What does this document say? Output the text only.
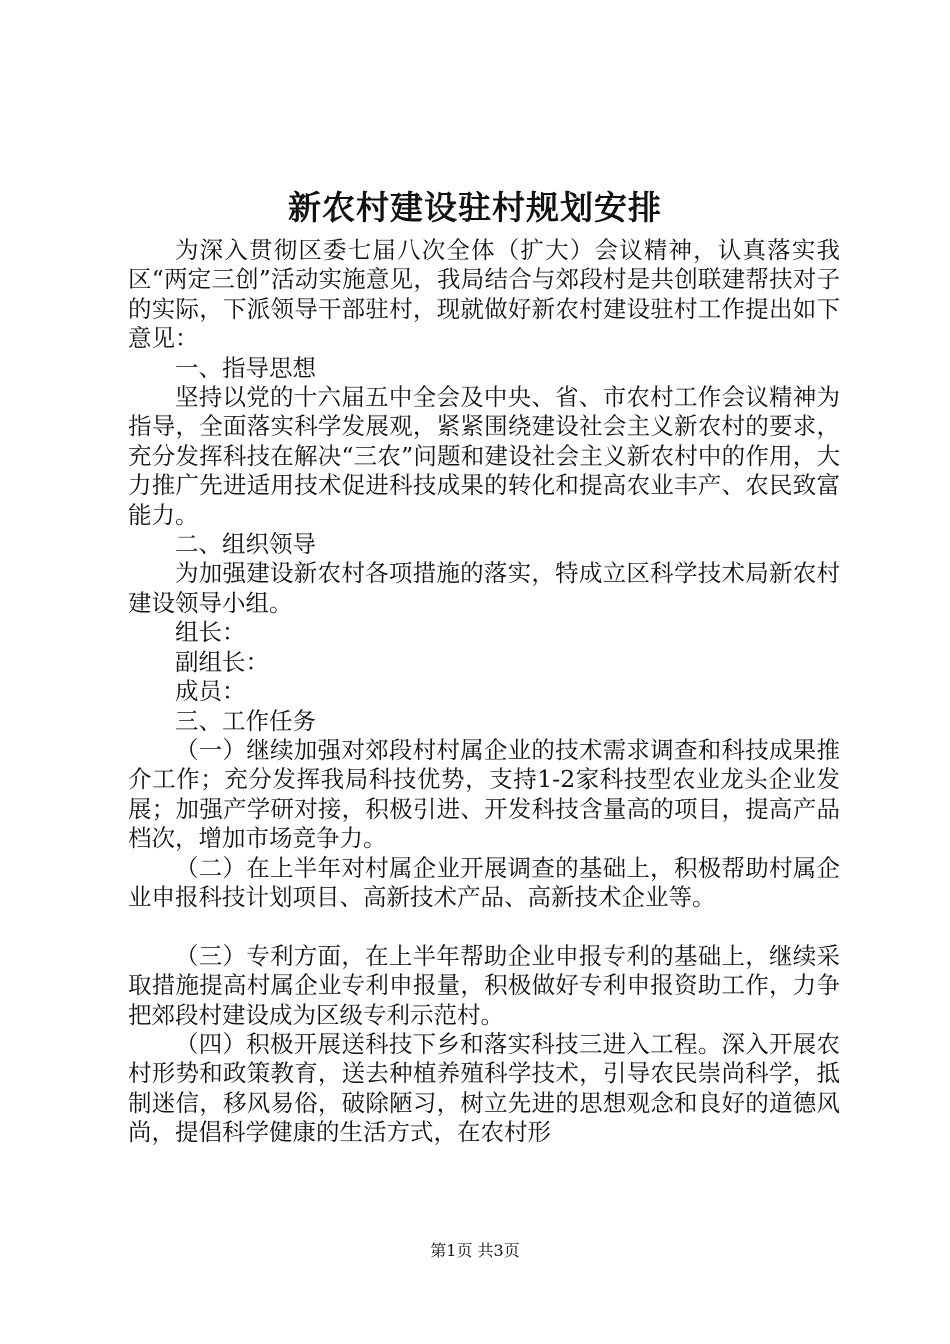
新农村建设驻村规划安排

为深入贯彻区委七届八次全体（扩大）会议精神，认真落实我区“两定三创”活动实施意见，我局结合与郊段村是共创联建帮扶对子的实际，下派领导干部驻村，现就做好新农村建设驻村工作提出如下意见：

一、指导思想

坚持以党的十六届五中全会及中央、省、市农村工作会议精神为指导，全面落实科学发展观，紧紧围绕建设社会主义新农村的要求，充分发挥科技在解决“三农”问题和建设社会主义新农村中的作用，大力推广先进适用技术促进科技成果的转化和提高农业丰产、农民致富能力。

二、组织领导

为加强建设新农村各项措施的落实，特成立区科学技术局新农村建设领导小组。

组长：

副组长：

成员：

三、工作任务

（一）继续加强对郊段村村属企业的技术需求调查和科技成果推介工作；充分发挥我局科技优势，支持1-2家科技型农业龙头企业发展；加强产学研对接，积极引进、开发科技含量高的项目，提高产品档次，增加市场竞争力。

（二）在上半年对村属企业开展调查的基础上，积极帮助村属企业申报科技计划项目、高新技术产品、高新技术企业等。

（三）专利方面，在上半年帮助企业申报专利的基础上，继续采取措施提高村属企业专利申报量，积极做好专利申报资助工作，力争把郊段村建设成为区级专利示范村。

（四）积极开展送科技下乡和落实科技三进入工程。深入开展农村形势和政策教育，送去种植养殖科学技术，引导农民崇尚科学，抵制迷信，移风易俗，破除陋习，树立先进的思想观念和良好的道德风尚，提倡科学健康的生活方式，在农村形

第1页 共3页
